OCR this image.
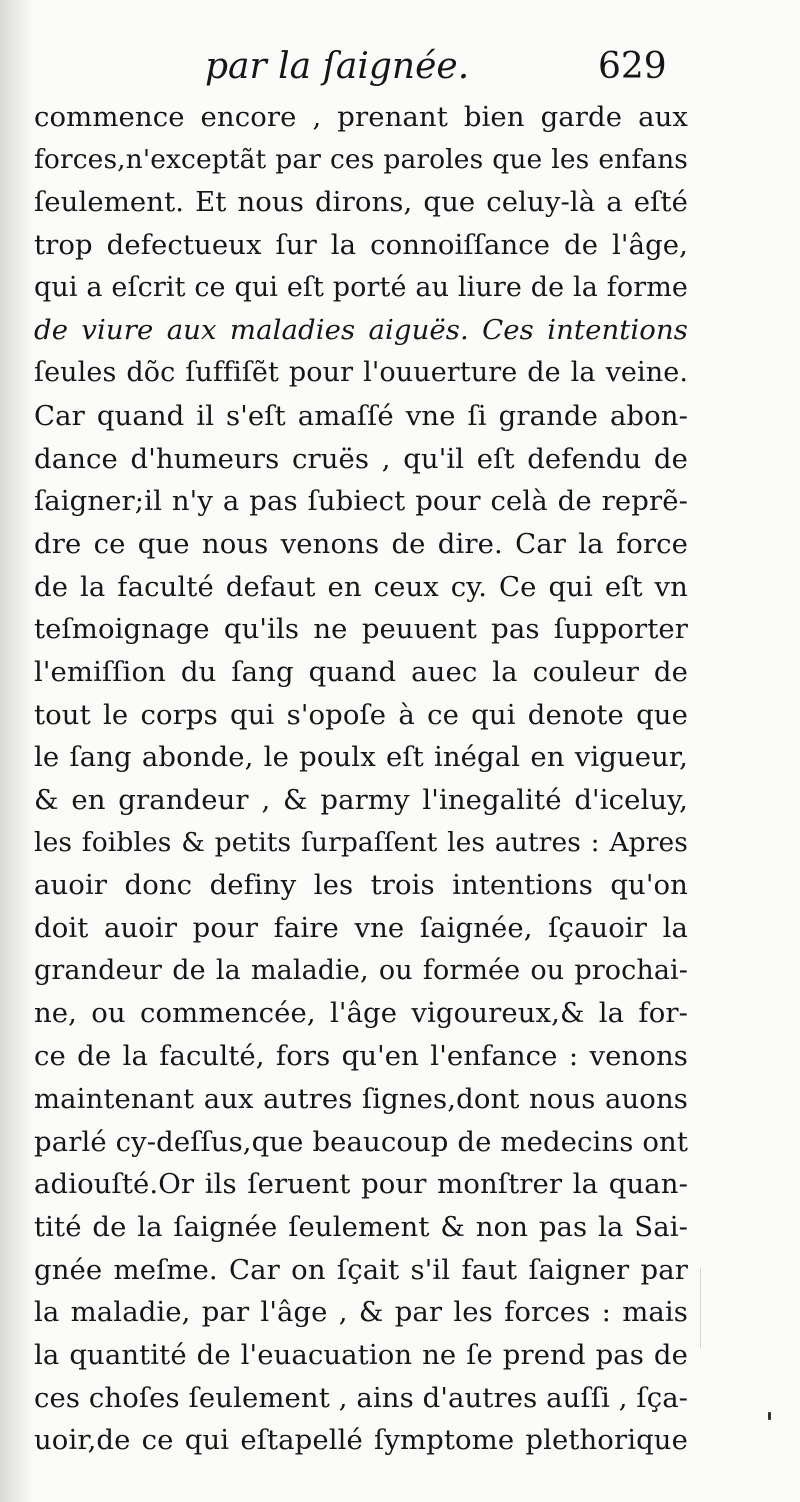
par la ſaignée.	629
commence encore , prenant bien garde aux
forces,n'exceptãt par ces paroles que les enfans
ſeulement. Et nous dirons, que celuy-là a eſté
trop defectueux ſur la connoiſſance de l'âge,
qui a eſcrit ce qui eſt porté au liure de la forme
de viure aux maladies aiguës. Ces intentions
ſeules dõc ſuffiſẽt pour l'ouuerture de la veine.
Car quand il s'eſt amaſſé vne ſi grande abon-
dance d'humeurs cruës , qu'il eſt defendu de
ſaigner;il n'y a pas ſubiect pour celà de reprẽ-
dre ce que nous venons de dire. Car la force
de la faculté defaut en ceux cy. Ce qui eſt vn
teſmoignage qu'ils ne peuuent pas ſupporter
l'emiſſion du ſang quand auec la couleur de
tout le corps qui s'opoſe à ce qui denote que
le ſang abonde, le poulx eſt inégal en vigueur,
& en grandeur , & parmy l'inegalité d'iceluy,
les foibles & petits ſurpaſſent les autres : Apres
auoir donc definy les trois intentions qu'on
doit auoir pour faire vne ſaignée, ſçauoir la
grandeur de la maladie, ou formée ou prochai-
ne, ou commencée, l'âge vigoureux,& la for-
ce de la faculté, fors qu'en l'enfance : venons
maintenant aux autres ſignes,dont nous auons
parlé cy-deſſus,que beaucoup de medecins ont
adiouſté.Or ils ſeruent pour monſtrer la quan-
tité de la ſaignée ſeulement & non pas la Sai-
gnée meſme. Car on ſçait s'il faut ſaigner par
la maladie, par l'âge , & par les forces : mais
la quantité de l'euacuation ne ſe prend pas de
ces choſes ſeulement , ains d'autres auſſi , ſça-
uoir,de ce qui eſtapellé ſymptome plethorique
